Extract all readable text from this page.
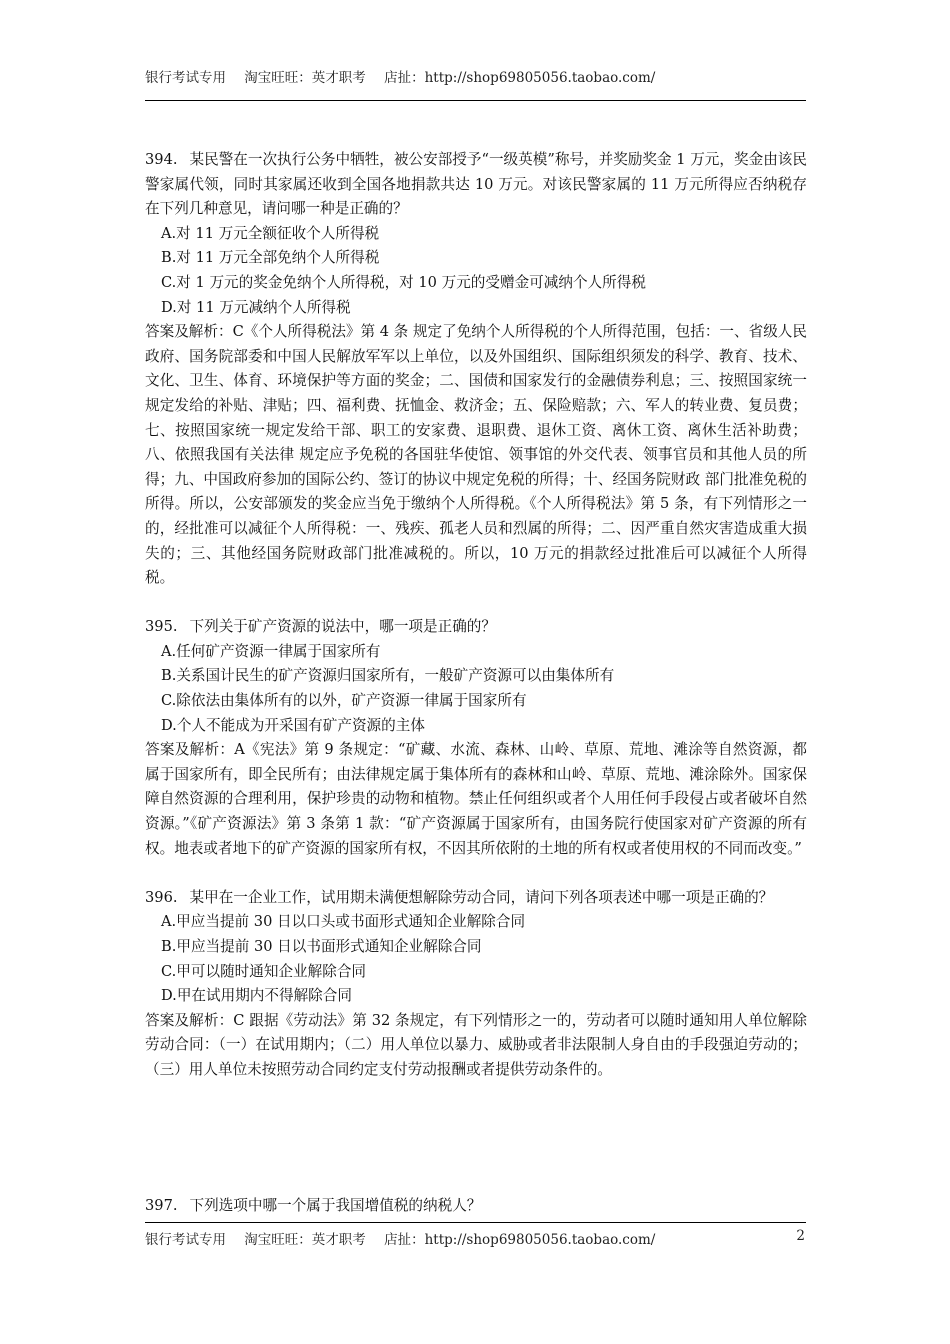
银行考试专用 淘宝旺旺：英才职考 店扯：http://shop69805056.taobao.com/

394. 某民警在一次执行公务中牺牲，被公安部授予“一级英模”称号，并奖励奖金 1 万元，奖金由该民警家属代领，同时其家属还收到全国各地捐款共达 10 万元。对该民警家属的 11 万元所得应否纳税存在下列几种意见，请问哪一种是正确的？

A.对 11 万元全额征收个人所得税
B.对 11 万元全部免纳个人所得税
C.对 1 万元的奖金免纳个人所得税，对 10 万元的受赠金可减纳个人所得税
D.对 11 万元减纳个人所得税

答案及解析：C《个人所得税法》第 4 条 规定了免纳个人所得税的个人所得范围，包括：一、省级人民政府、国务院部委和中国人民解放军军以上单位，以及外国组织、国际组织须发的科学、教育、技术、文化、卫生、体育、环境保护等方面的奖金；二、国债和国家发行的金融债券利息；三、按照国家统一规定发给的补贴、津贴；四、福利费、抚恤金、救济金；五、保险赔款；六、军人的转业费、复员费；七、按照国家统一规定发给干部、职工的安家费、退职费、退休工资、离休工资、离休生活补助费；八、依照我国有关法律 规定应予免税的各国驻华使馆、领事馆的外交代表、领事官员和其他人员的所得；九、中国政府参加的国际公约、签订的协议中规定免税的所得；十、经国务院财政 部门批准免税的所得。所以，公安部颁发的奖金应当免于缴纳个人所得税。《个人所得税法》第 5 条，有下列情形之一的，经批准可以减征个人所得税：一、残疾、孤老人员和烈属的所得；二、因严重自然灾害造成重大损失的；三、其他经国务院财政部门批准减税的。所以，10 万元的捐款经过批准后可以减征个人所得税。

395. 下列关于矿产资源的说法中，哪一项是正确的？

A.任何矿产资源一律属于国家所有
B.关系国计民生的矿产资源归国家所有，一般矿产资源可以由集体所有
C.除依法由集体所有的以外，矿产资源一律属于国家所有
D.个人不能成为开采国有矿产资源的主体

答案及解析：A《宪法》第 9 条规定：“矿藏、水流、森林、山岭、草原、荒地、滩涂等自然资源，都属于国家所有，即全民所有；由法律规定属于集体所有的森林和山岭、草原、荒地、滩涂除外。国家保障自然资源的合理利用，保护珍贵的动物和植物。禁止任何组织或者个人用任何手段侵占或者破坏自然资源。”《矿产资源法》第 3 条第 1 款：“矿产资源属于国家所有，由国务院行使国家对矿产资源的所有权。地表或者地下的矿产资源的国家所有权，不因其所依附的土地的所有权或者使用权的不同而改变。”

396. 某甲在一企业工作，试用期未满便想解除劳动合同，请问下列各项表述中哪一项是正确的？

A.甲应当提前 30 日以口头或书面形式通知企业解除合同
B.甲应当提前 30 日以书面形式通知企业解除合同
C.甲可以随时通知企业解除合同
D.甲在试用期内不得解除合同

答案及解析：C 跟据《劳动法》第 32 条规定，有下列情形之一的，劳动者可以随时通知用人单位解除劳动合同：（一）在试用期内；（二）用人单位以暴力、威胁或者非法限制人身自由的手段强迫劳动的；（三）用人单位未按照劳动合同约定支付劳动报酬或者提供劳动条件的。

397. 下列选项中哪一个属于我国增值税的纳税人？
银行考试专用 淘宝旺旺：英才职考 店扯：http://shop69805056.taobao.com/	2
